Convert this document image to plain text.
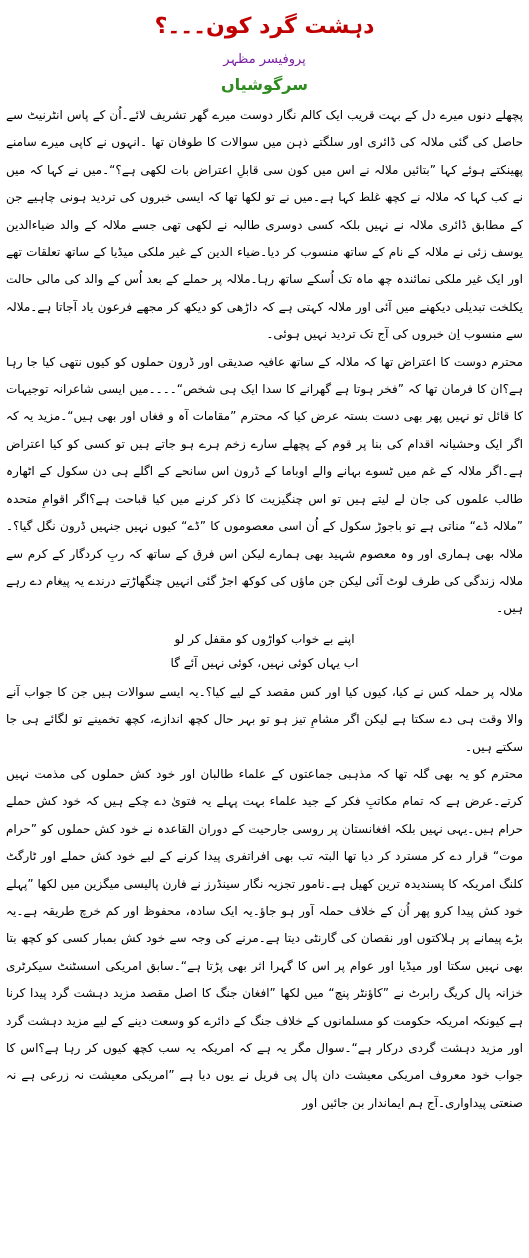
دہشت گرد کون۔۔۔؟
پروفیسر مظہر
سرگوشیاں

پچھلے دنوں میرے دل کے بہت قریب ایک کالم نگار دوست میرے گھر تشریف لائے۔اُن کے پاس انٹرنیٹ سے حاصل کی گئی ملالہ کی ڈائری اور سلگتے ذہن میں سوالات کا طوفان تھا ۔انہوں نے کاپی میرے سامنے پھینکتے ہوئے کہا ”بتائیں ملالہ نے اس میں کون سی قابلِ اعتراض بات لکھی ہے؟“۔میں نے کہا کہ میں نے کب کہا کہ ملالہ نے کچھ غلط کہا ہے۔میں نے تو لکھا تھا کہ ایسی خبروں کی تردید ہونی چاہیے جن کے مطابق ڈائری ملالہ نے نہیں بلکہ کسی دوسری طالبہ نے لکھی تھی جسے ملالہ کے والد ضیاءالدین یوسف زئی نے ملالہ کے نام کے ساتھ منسوب کر دیا۔ضیاء الدین کے غیر ملکی میڈیا کے ساتھ تعلقات تھے اور ایک غیر ملکی نمائندہ چھ ماہ تک اُسکے ساتھ رہا۔ملالہ پر حملے کے بعد اُس کے والد کی مالی حالت یکلخت تبدیلی دیکھنے میں آئی اور ملالہ کہتی ہے کہ داڑھی کو دیکھ کر مجھے فرعون یاد آجاتا ہے۔ملالہ سے منسوب اِن خبروں کی آج تک تردید نہیں ہوئی۔

محترم دوست کا اعتراض تھا کہ ملالہ کے ساتھ عافیہ صدیقی اور ڈرون حملوں کو کیوں نتھی کیا جا رہا ہے؟ان کا فرمان تھا کہ ”فخر ہوتا ہے گھرانے کا سدا ایک ہی شخص“۔۔۔۔میں ایسی شاعرانہ توجیہات کا قائل تو نہیں پھر بھی دست بستہ عرض کیا کہ محترم ”مقامات آہ و فغاں اور بھی ہیں“۔مزید یہ کہ اگر ایک وحشیانہ اقدام کی بنا پر قوم کے پچھلے سارے زخم ہرے ہو جاتے ہیں تو کسی کو کیا اعتراض ہے۔اگر ملالہ کے غم میں ٹسوے بہانے والے اوباما کے ڈرون اس سانحے کے اگلے ہی دن سکول کے اٹھارہ طالب علموں کی جان لے لیتے ہیں تو اس چنگیزیت کا ذکر کرنے میں کیا قباحت ہے؟اگر اقوامِ متحدہ ”ملالہ ڈے“ مناتی ہے تو باجوڑ سکول کے اُن اسی معصوموں کا ”ڈے“ کیوں نہیں جنہیں ڈرون نگل گیا؟۔ملالہ بھی ہماری اور وہ معصوم شہید بھی ہمارے لیکن اس فرق کے ساتھ کہ ربِ کردگار کے کرم سے ملالہ زندگی کی طرف لوٹ آئی لیکن جن ماؤں کی کوکھ اجڑ گئی انہیں چنگھاڑتے درندے یہ پیغام دے رہے ہیں۔

اپنے بے خواب کواڑوں کو مقفل کر لو
اب یہاں کوئی نہیں، کوئی نہیں آئے گا

ملالہ پر حملہ کس نے کیا، کیوں کیا اور کس مقصد کے لیے کیا؟۔یہ ایسے سوالات ہیں جن کا جواب آنے والا وقت ہی دے سکتا ہے لیکن اگر مشامِ تیز ہو تو بہر حال کچھ اندازے، کچھ تخمینے تو لگائے ہی جا سکتے ہیں۔

محترم کو یہ بھی گلہ تھا کہ مذہبی جماعتوں کے علماء طالبان اور خود کش حملوں کی مذمت نہیں کرتے۔عرض ہے کہ تمام مکاتبِ فکر کے جید علماء بہت پہلے یہ فتویٰ دے چکے ہیں کہ خود کش حملے حرام ہیں۔یہی نہیں بلکہ افغانستان پر روسی جارحیت کے دوران القاعدہ نے خود کش حملوں کو ”حرام موت“ قرار دے کر مسترد کر دیا تھا البتہ تب بھی افراتفری پیدا کرنے کے لیے خود کش حملے اور ٹارگٹ کلنگ امریکہ کا پسندیدہ ترین کھیل ہے۔نامور تجزیہ نگار سینڈرز نے فارن پالیسی میگزین میں لکھا ”پہلے خود کش پیدا کرو پھر اُن کے خلاف حملہ آور ہو جاؤ۔یہ ایک سادہ، محفوظ اور کم خرچ طریقہ ہے۔یہ بڑے پیمانے پر ہلاکتوں اور نقصان کی گارنٹی دیتا ہے۔مرنے کی وجہ سے خود کش بمبار کسی کو کچھ بتا بھی نہیں سکتا اور میڈیا اور عوام پر اس کا گہرا اثر بھی پڑتا ہے“۔سابق امریکی اسسٹنٹ سیکرٹری خزانہ پال کریگ رابرٹ نے ”کاؤنٹر پنچ“ میں لکھا ”افغان جنگ کا اصل مقصد مزید دہشت گرد پیدا کرنا ہے کیونکہ امریکہ حکومت کو مسلمانوں کے خلاف جنگ کے دائرے کو وسعت دینے کے لیے مزید دہشت گرد اور مزید دہشت گردی درکار ہے“۔سوال مگر یہ ہے کہ امریکہ یہ سب کچھ کیوں کر رہا ہے؟اس کا جواب خود معروف امریکی معیشت دان پال پی فریل نے یوں دیا ہے ”امریکی معیشت نہ زرعی ہے نہ صنعتی پیداواری۔آج ہم ایماندار بن جائیں اور
